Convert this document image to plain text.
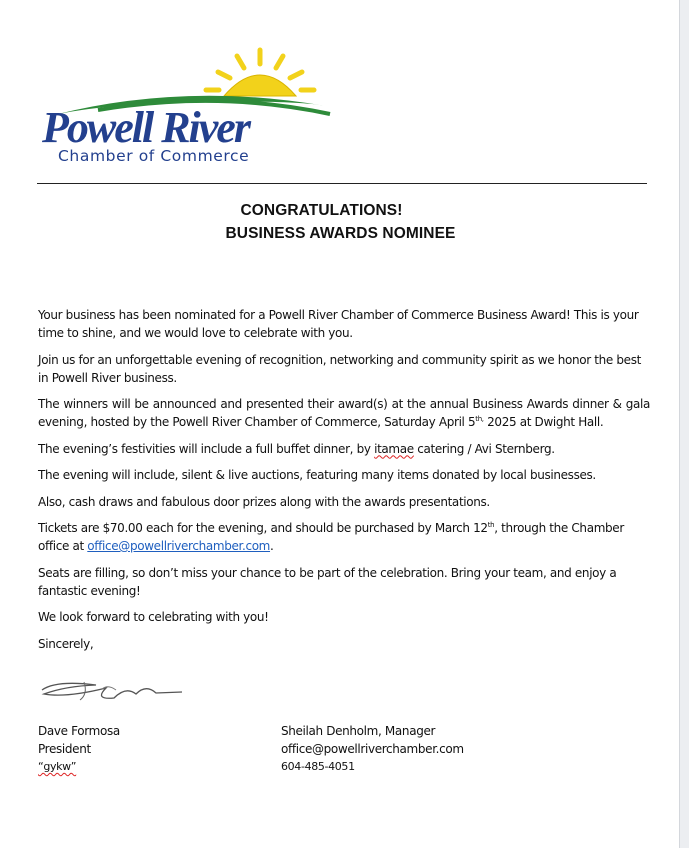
Powell River
Chamber of Commerce
CONGRATULATIONS!
BUSINESS AWARDS NOMINEE

Your business has been nominated for a Powell River Chamber of Commerce Business Award! This is your time to shine, and we would love to celebrate with you.

Join us for an unforgettable evening of recognition, networking and community spirit as we honor the best in Powell River business.

The winners will be announced and presented their award(s) at the annual Business Awards dinner & gala evening, hosted by the Powell River Chamber of Commerce, Saturday April $5^{th,}$ 2025 at Dwight Hall.

The evening’s festivities will include a full buffet dinner, by itamae catering / Avi Sternberg.

The evening will include, silent & live auctions, featuring many items donated by local businesses.

Also, cash draws and fabulous door prizes along with the awards presentations.

Tickets are $70.00 each for the evening, and should be purchased by March 12th, through the Chamber office at office@powellriverchamber.com.

Seats are filling, so don’t miss your chance to be part of the celebration. Bring your team, and enjoy a fantastic evening!

We look forward to celebrating with you!

Sincerely,

Dave Formosa
President
“gykw”
Sheilah Denholm, Manager
office@powellriverchamber.com
604-485-4051
